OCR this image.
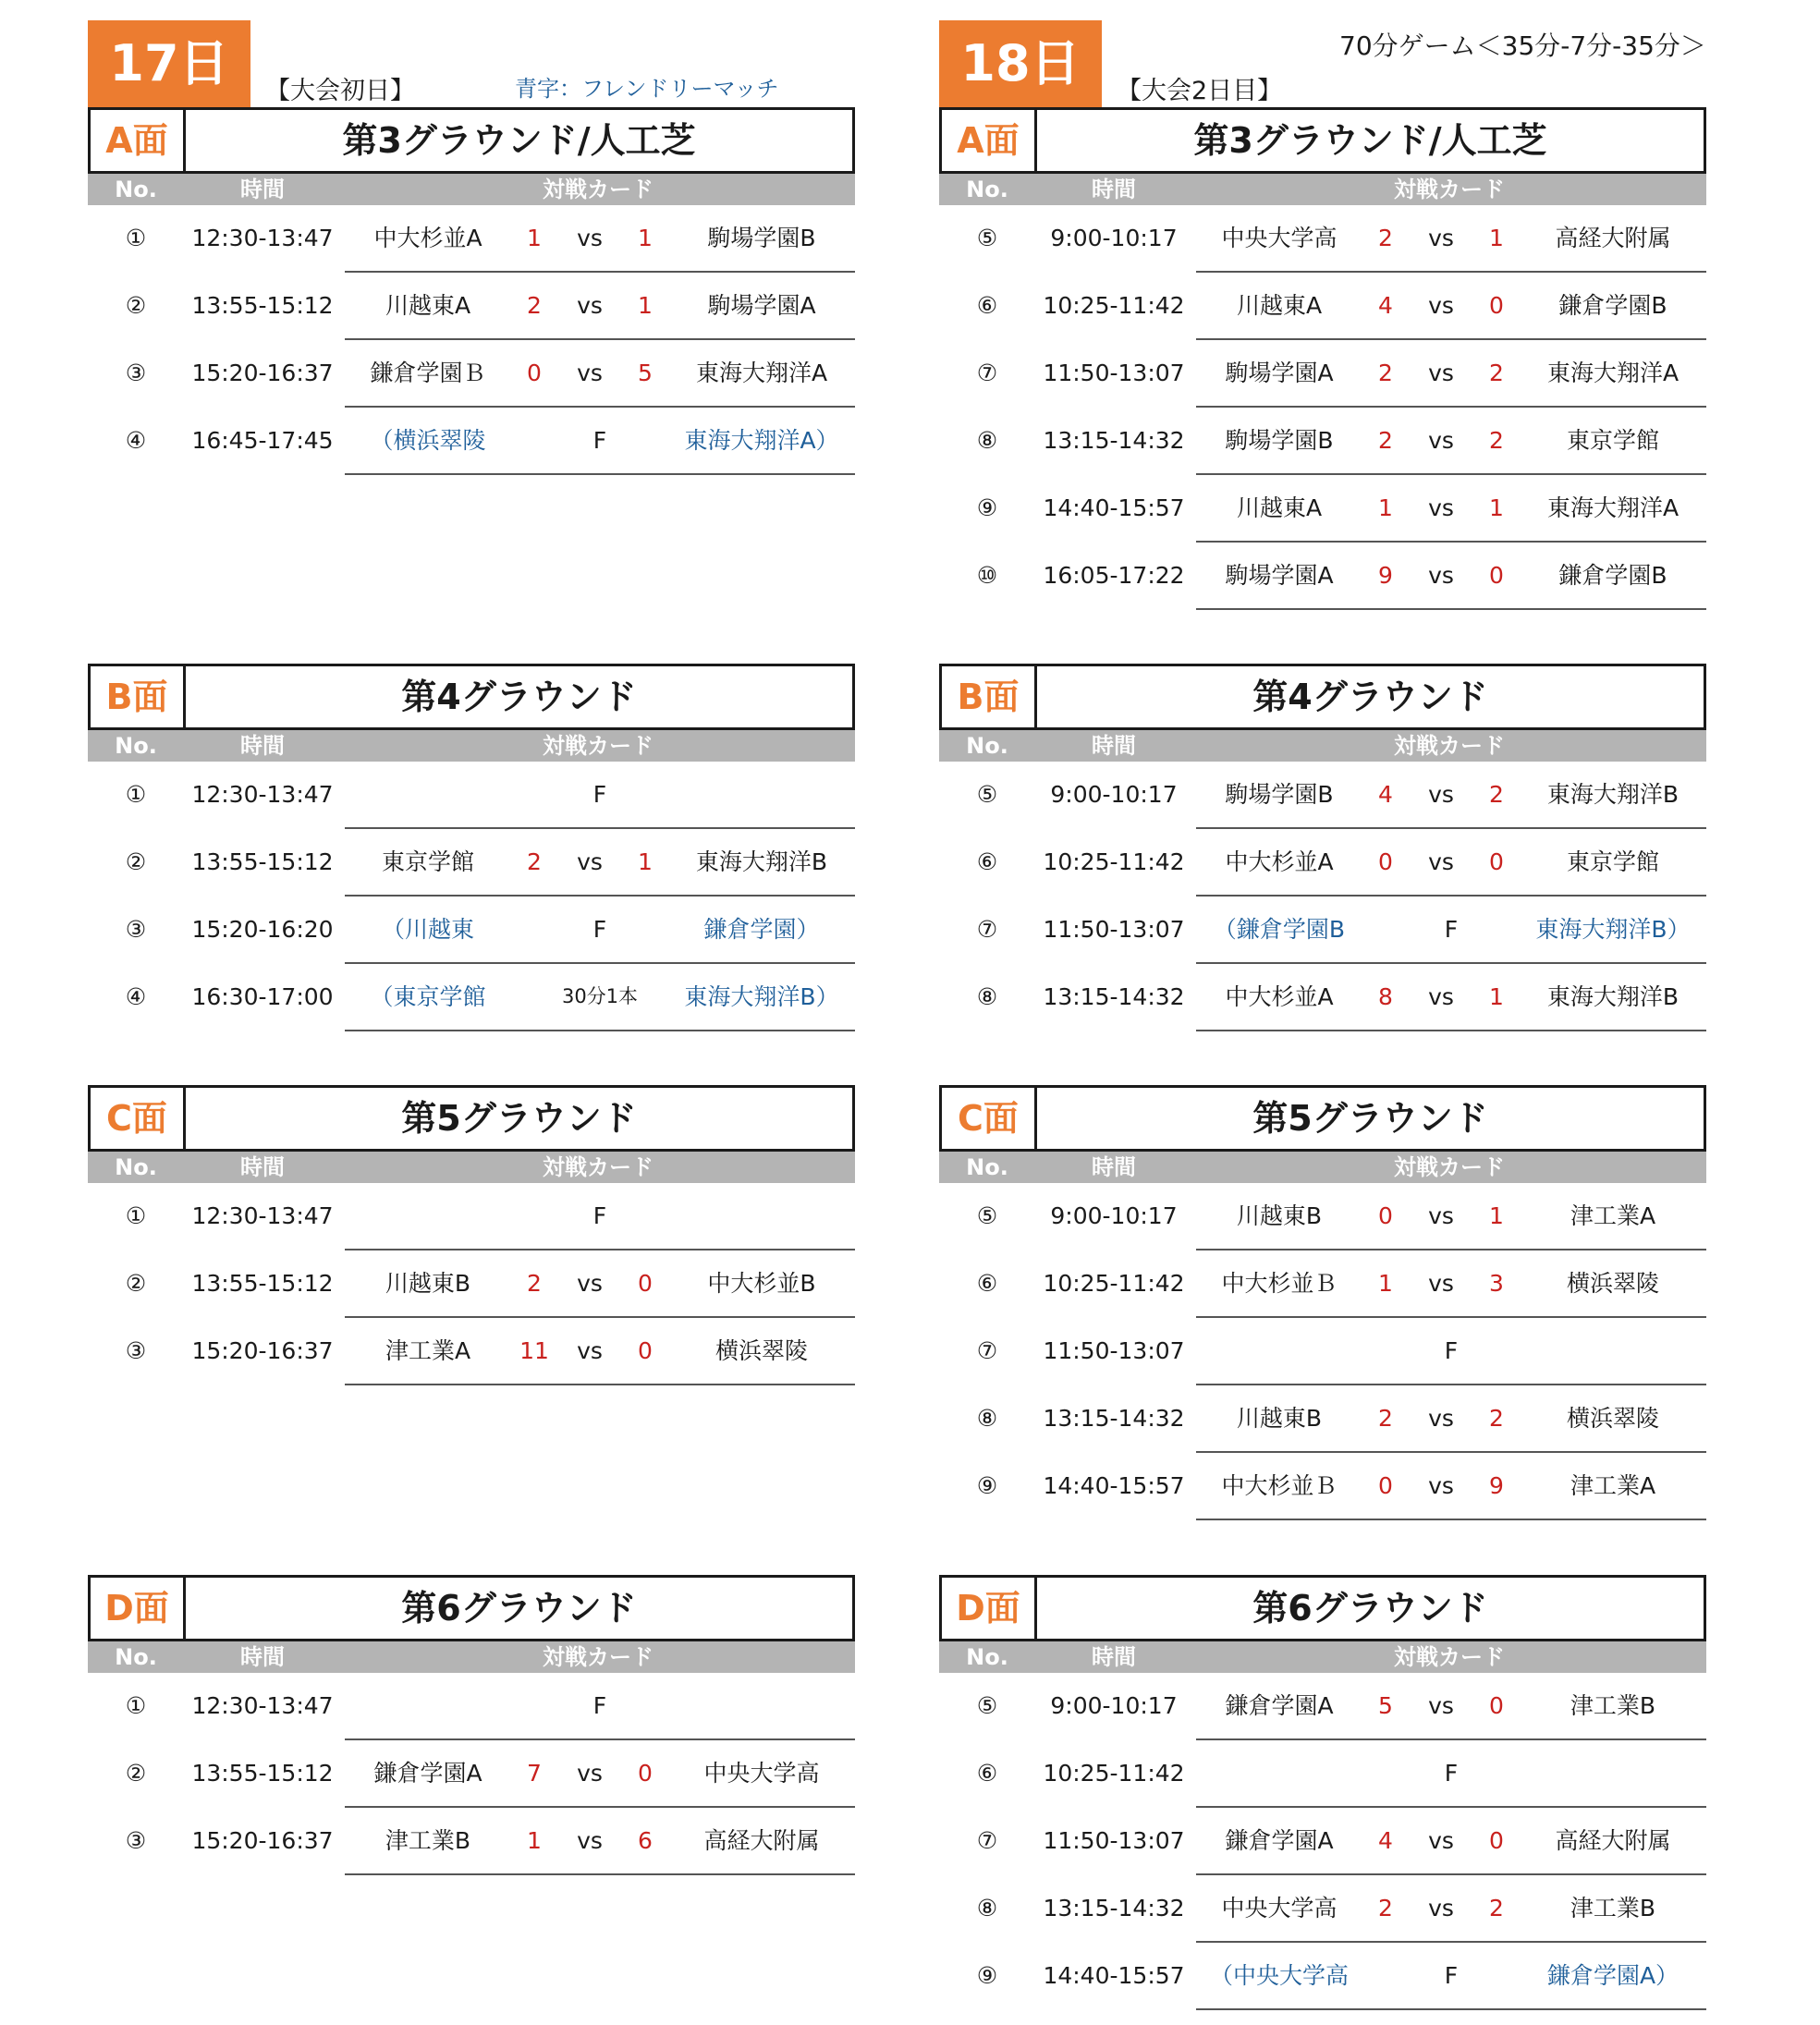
17日	【大会初日】	青字：フレンドリーマッチ
A面	第3グラウンド/人工芝
No.	時間	対戦カード
①	12:30-13:47	中大杉並A	1	vs	1	駒場学園B
②	13:55-15:12	川越東A	2	vs	1	駒場学園A
③	15:20-16:37	鎌倉学園Ｂ	0	vs	5	東海大翔洋A
④	16:45-17:45	（横浜翠陵	F	東海大翔洋A）
B面	第4グラウンド
No.	時間	対戦カード
①	12:30-13:47	F
②	13:55-15:12	東京学館	2	vs	1	東海大翔洋B
③	15:20-16:20	（川越東	F	鎌倉学園）
④	16:30-17:00	（東京学館	30分1本	東海大翔洋B）
C面	第5グラウンド
No.	時間	対戦カード
①	12:30-13:47	F
②	13:55-15:12	川越東B	2	vs	0	中大杉並B
③	15:20-16:37	津工業A	11	vs	0	横浜翠陵
D面	第6グラウンド
No.	時間	対戦カード
①	12:30-13:47	F
②	13:55-15:12	鎌倉学園A	7	vs	0	中央大学高
③	15:20-16:37	津工業B	1	vs	6	高経大附属
18日	【大会2日目】
70分ゲーム＜35分-7分-35分＞
A面	第3グラウンド/人工芝
No.	時間	対戦カード
⑤	9:00-10:17	中央大学高	2	vs	1	高経大附属
⑥	10:25-11:42	川越東A	4	vs	0	鎌倉学園B
⑦	11:50-13:07	駒場学園A	2	vs	2	東海大翔洋A
⑧	13:15-14:32	駒場学園B	2	vs	2	東京学館
⑨	14:40-15:57	川越東A	1	vs	1	東海大翔洋A
⑩	16:05-17:22	駒場学園A	9	vs	0	鎌倉学園B
B面	第4グラウンド
No.	時間	対戦カード
⑤	9:00-10:17	駒場学園B	4	vs	2	東海大翔洋B
⑥	10:25-11:42	中大杉並A	0	vs	0	東京学館
⑦	11:50-13:07	（鎌倉学園B	F	東海大翔洋B）
⑧	13:15-14:32	中大杉並A	8	vs	1	東海大翔洋B
C面	第5グラウンド
No.	時間	対戦カード
⑤	9:00-10:17	川越東B	0	vs	1	津工業A
⑥	10:25-11:42	中大杉並Ｂ	1	vs	3	横浜翠陵
⑦	11:50-13:07	F
⑧	13:15-14:32	川越東B	2	vs	2	横浜翠陵
⑨	14:40-15:57	中大杉並Ｂ	0	vs	9	津工業A
D面	第6グラウンド
No.	時間	対戦カード
⑤	9:00-10:17	鎌倉学園A	5	vs	0	津工業B
⑥	10:25-11:42	F
⑦	11:50-13:07	鎌倉学園A	4	vs	0	高経大附属
⑧	13:15-14:32	中央大学高	2	vs	2	津工業B
⑨	14:40-15:57	（中央大学高	F	鎌倉学園A）
